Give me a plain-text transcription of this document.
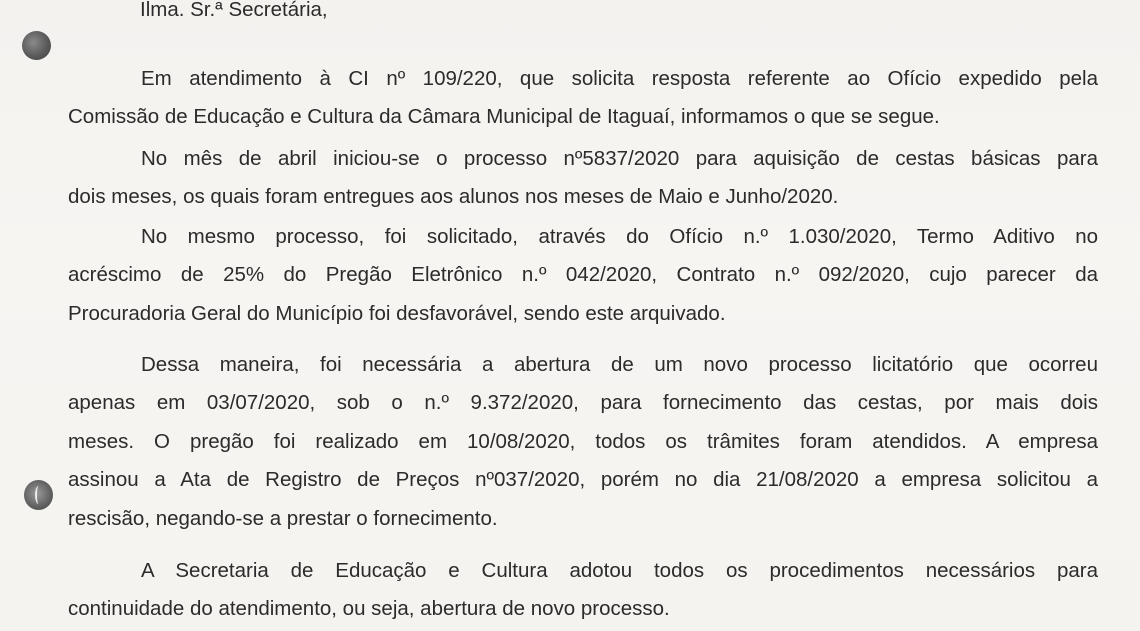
Ilma. Sr.ª Secretária,
Em atendimento à CI nº 109/220, que solicita resposta referente ao Ofício expedido pela
Comissão de Educação e Cultura da Câmara Municipal de Itaguaí, informamos o que se segue.
No mês de abril iniciou-se o processo nº5837/2020 para aquisição de cestas básicas para
dois meses, os quais foram entregues aos alunos nos meses de Maio e Junho/2020.
No mesmo processo, foi solicitado, através do Ofício n.º 1.030/2020, Termo Aditivo no
acréscimo de 25% do Pregão Eletrônico n.º 042/2020, Contrato n.º 092/2020, cujo parecer da
Procuradoria Geral do Município foi desfavorável, sendo este arquivado.
Dessa maneira, foi necessária a abertura de um novo processo licitatório que ocorreu
apenas em 03/07/2020, sob o n.º 9.372/2020, para fornecimento das cestas, por mais dois
meses. O pregão foi realizado em 10/08/2020, todos os trâmites foram atendidos. A empresa
assinou a Ata de Registro de Preços nº037/2020, porém no dia 21/08/2020 a empresa solicitou a
rescisão, negando-se a prestar o fornecimento.
A Secretaria de Educação e Cultura adotou todos os procedimentos necessários para
continuidade do atendimento, ou seja, abertura de novo processo.
